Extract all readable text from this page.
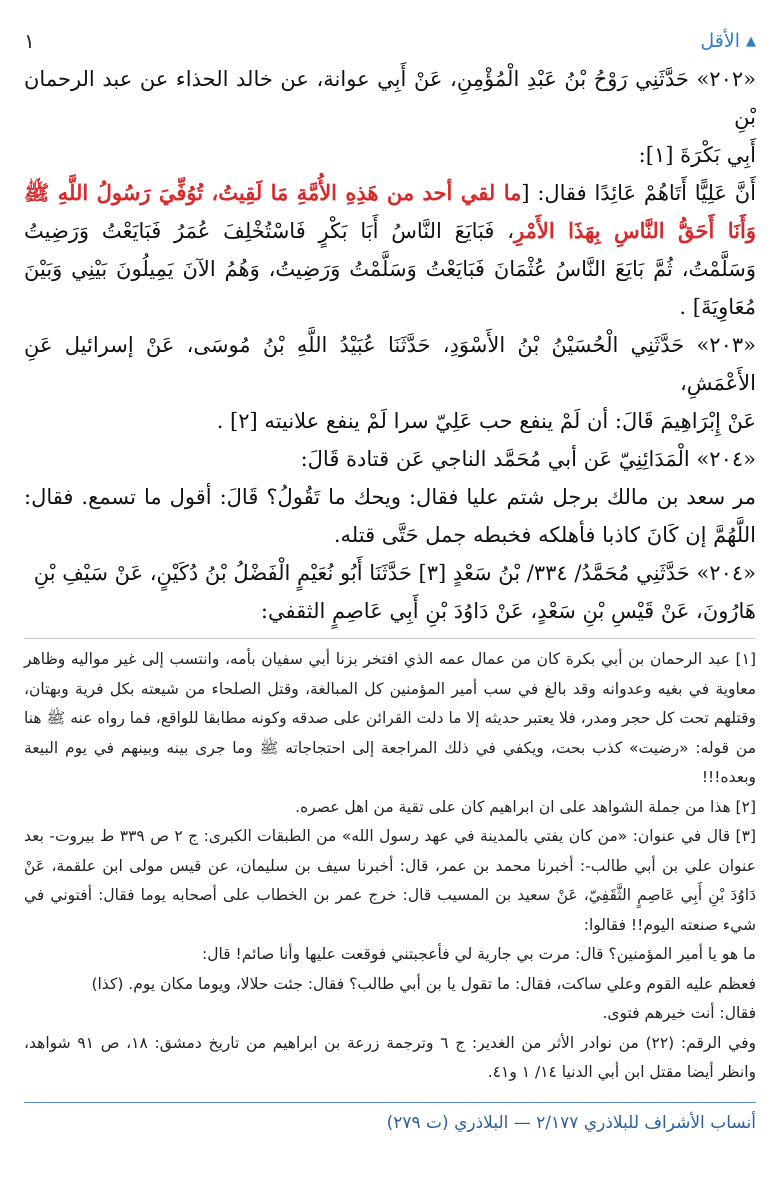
١	الأقل ▲

«٢٠٢» حَدَّثَنِي رَوْحُ بْنُ عَبْدِ الْمُؤْمِنِ، عَنْ أَبِي عوانة، عن خالد الحذاء عن عبد الرحمان بْنِ

أَبِي بَكْرَةَ [١]:

أَنَّ عَلِيًّا أَتَاهُمْ عَائِدًا فقال: [ما لقي أحد من هَذِهِ الأُمَّةِ مَا لَقِيتُ، تُوُفِّيَ رَسُولُ اللَّهِ ﷺ وَأَنَا أَحَقُّ النَّاسِ بِهَذَا الأَمْرِ، فَبَايَعَ النَّاسُ أَبَا بَكْرٍ فَاسْتُخْلِفَ عُمَرُ فَبَايَعْتُ وَرَضِيتُ وَسَلَّمْتُ، ثُمَّ بَايَعَ النَّاسُ عُثْمَانَ فَبَايَعْتُ وَسَلَّمْتُ وَرَضِيتُ، وَهُمُ الآنَ يَمِيلُونَ بَيْنِي وَبَيْنَ مُعَاوِيَةَ] .

«٢٠٣» حَدَّثَنِي الْحُسَيْنُ بْنُ الأَسْوَدِ، حَدَّثَنَا عُبَيْدُ اللَّهِ بْنُ مُوسَى، عَنْ إسرائيل عَنِ الأَعْمَشِ،

عَنْ إِبْرَاهِيمَ قَالَ: أن لَمْ ينفع حب عَلِيّ سرا لَمْ ينفع علانيته [٢] .

«٢٠٤» الْمَدَائِنِيّ عَن أبي مُحَمَّد الناجي عَن قتادة قَالَ:

مر سعد بن مالك برجل شتم عليا فقال: ويحك ما تَقُولُ؟ قَالَ: أقول ما تسمع. فقال: اللَّهُمَّ إن كَانَ كاذبا فأهلكه فخبطه جمل حَتَّى قتله.

«٢٠٤» حَدَّثَنِي مُحَمَّدُ/ ٣٣٤/ بْنُ سَعْدٍ [٣] حَدَّثَنَا أَبُو نُعَيْمٍ الْفَضْلُ بْنُ دُكَيْنٍ، عَنْ سَيْفِ بْنِ

هَارُونَ، عَنْ قَيْسِ بْنِ سَعْدٍ، عَنْ دَاوُدَ بْنِ أَبِي عَاصِمٍ الثقفي:

[١] عبد الرحمان بن أبي بكرة كان من عمال عمه الذي افتخر بزنا أبي سفيان بأمه، وانتسب إلى غير مواليه وظاهر معاوية في بغيه وعدوانه وقد بالغ في سب أمير المؤمنين كل المبالغة، وقتل الصلحاء من شيعته بكل فرية وبهتان، وقتلهم تحت كل حجر ومدر، فلا يعتبر حديثه إلا ما دلت القرائن على صدقه وكونه مطابقا للواقع، فما رواه عنه ﷺ هنا من قوله: «رضيت» كذب بحت، ويكفي في ذلك المراجعة إلى احتجاجاته ﷺ وما جرى بينه وبينهم في يوم البيعة وبعده!!!

[٢] هذا من جملة الشواهد على ان ابراهيم كان على تقية من اهل عصره.

[٣] قال في عنوان: «من كان يفتي بالمدينة في عهد رسول الله» من الطبقات الكبرى: ج ٢ ص ٣٣٩ ط بيروت- بعد عنوان علي بن أبي طالب-: أخبرنا محمد بن عمر، قال: أخبرنا سيف بن سليمان، عن قيس مولى ابن علقمة، عَنْ دَاوُدَ بْنِ أَبِي عَاصِمٍ الثَّقَفِيّ، عَنْ سعيد بن المسيب قال: خرج عمر بن الخطاب على أصحابه يوما فقال: أفتوني في شيء صنعته اليوم!! فقالوا:

ما هو يا أمير المؤمنين؟ قال: مرت بي جارية لي فأعجبتني فوقعت عليها وأنا صائم! قال:

فعظم عليه القوم وعلي ساكت، فقال: ما تقول يا بن أبي طالب؟ فقال: جئت حلالا، ويوما مكان يوم. (كذا)

فقال: أنت خيرهم فتوى.

وفي الرقم: (٢٢) من نوادر الأثر من الغدير: ج ٦ وترجمة زرعة بن ابراهيم من تاريخ دمشق: ١٨، ص ٩١ شواهد، وانظر أيضا مقتل ابن أبي الدنيا ١٤/ ١ و٤١.

أنساب الأشراف للبلاذري ٢/١٧٧ — البلاذري (ت ٢٧٩)
